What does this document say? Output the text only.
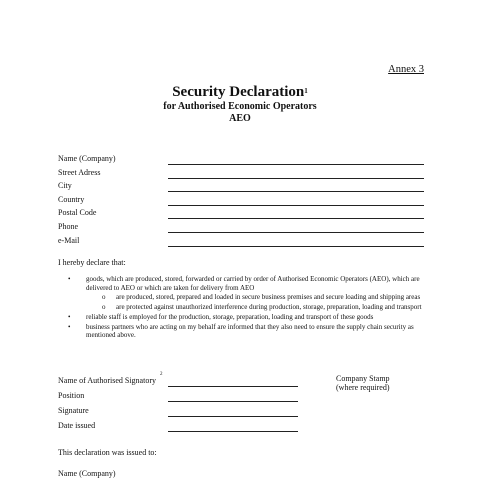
Annex 3
Security Declaration$^1$
for Authorised Economic Operators
AEO
Name (Company)
Street Adress
City
Country
Postal Code
Phone
e-Mail
I hereby declare that:
• goods, which are produced, stored, forwarded or carried by order of Authorised Economic Operators (AEO), which are delivered to AEO or which are taken for delivery from AEO
o are produced, stored, prepared and loaded in secure business premises and secure loading and shipping areas
o are protected against unauthorized interference during production, storage, preparation, loading and transport
• reliable staff is employed for the production, storage, preparation, loading and transport of these goods
• business partners who are acting on my behalf are informed that they also need to ensure the supply chain security as mentioned above.
Name of Authorised Signatory$^2$
Position
Signature
Date issued
Company Stamp
(where required)
This declaration was issued to:
Name (Company)
